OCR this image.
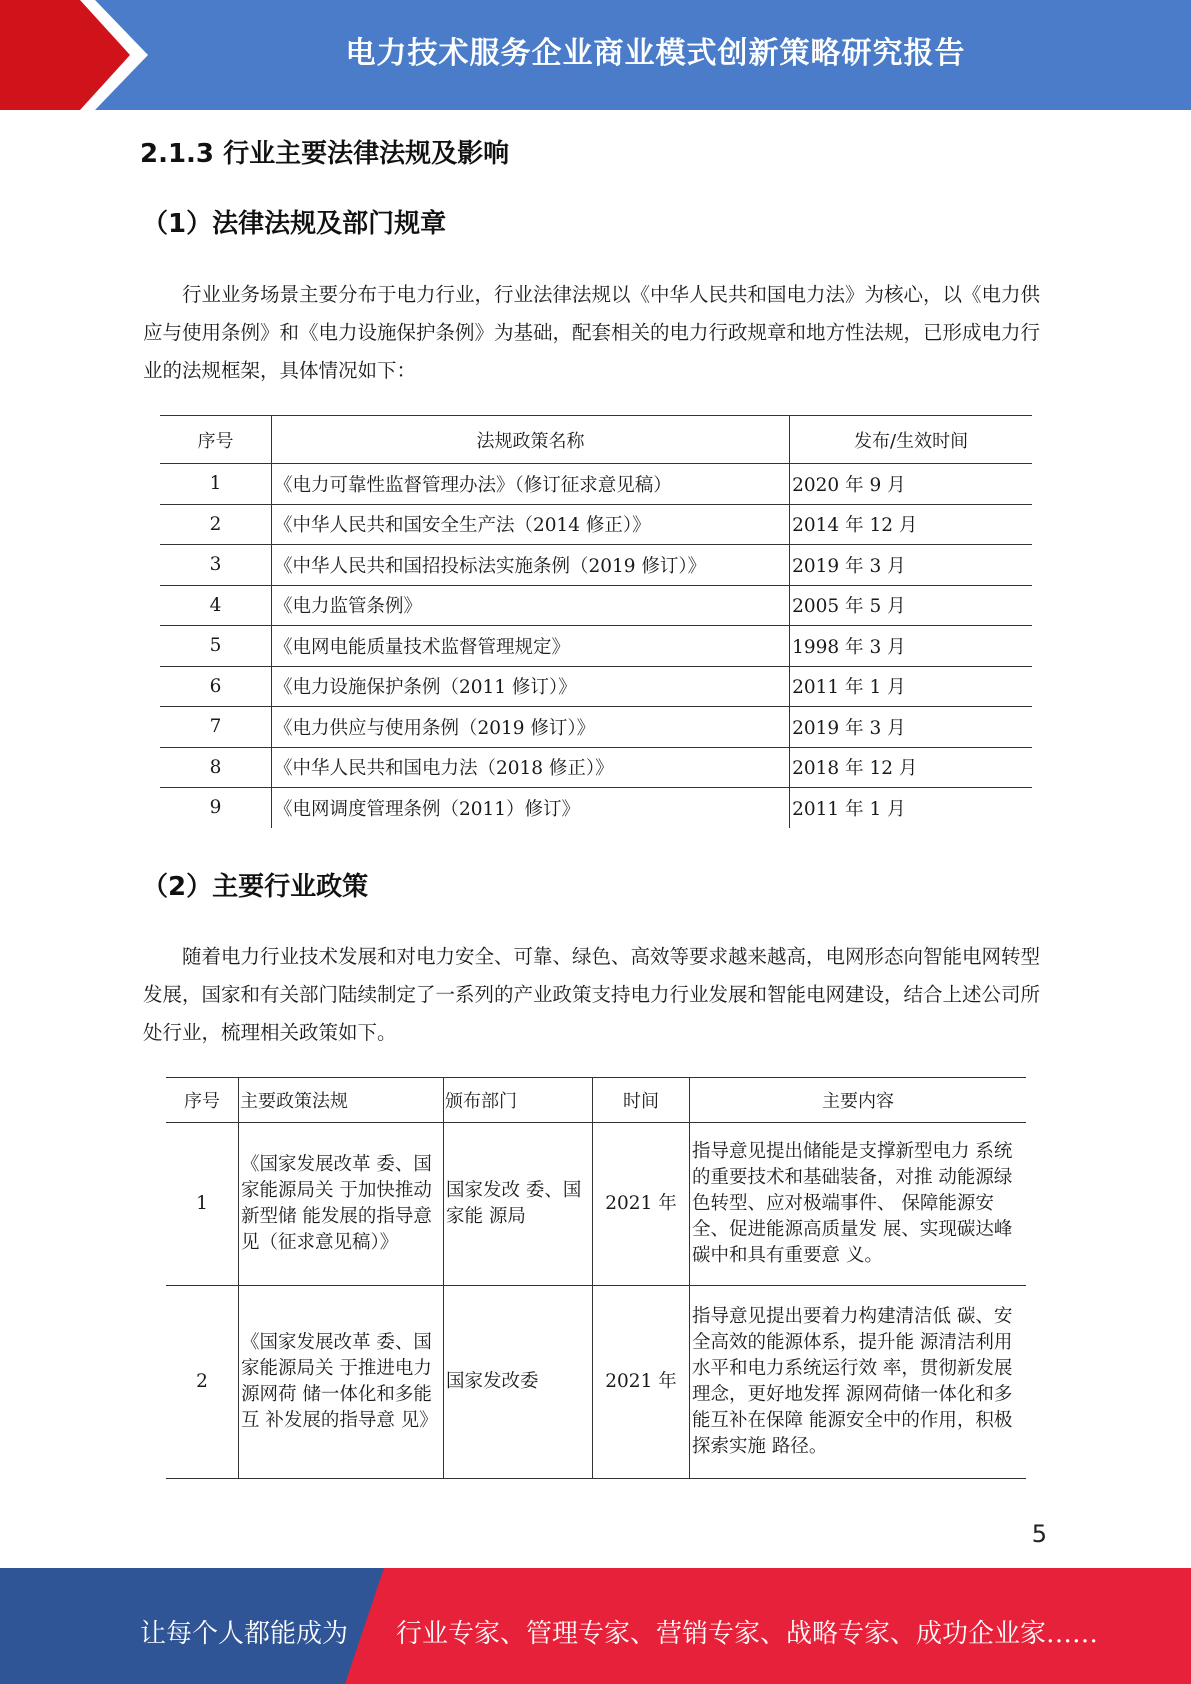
电力技术服务企业商业模式创新策略研究报告
2.1.3 行业主要法律法规及影响
（1）法律法规及部门规章

行业业务场景主要分布于电力行业，行业法律法规以《中华人民共和国电力法》为核心，以《电力供应与使用条例》和《电力设施保护条例》为基础，配套相关的电力行政规章和地方性法规，已形成电力行业的法规框架，具体情况如下：

序号	法规政策名称	发布/生效时间
1	《电力可靠性监督管理办法》（修订征求意见稿）	2020 年 9 月
2	《中华人民共和国安全生产法（2014 修正）》	2014 年 12 月
3	《中华人民共和国招投标法实施条例（2019 修订）》	2019 年 3 月
4	《电力监管条例》	2005 年 5 月
5	《电网电能质量技术监督管理规定》	1998 年 3 月
6	《电力设施保护条例（2011 修订）》	2011 年 1 月
7	《电力供应与使用条例（2019 修订）》	2019 年 3 月
8	《中华人民共和国电力法（2018 修正）》	2018 年 12 月
9	《电网调度管理条例（2011）修订》	2011 年 1 月
（2）主要行业政策

随着电力行业技术发展和对电力安全、可靠、绿色、高效等要求越来越高，电网形态向智能电网转型发展，国家和有关部门陆续制定了一系列的产业政策支持电力行业发展和智能电网建设，结合上述公司所处行业，梳理相关政策如下。

序号	主要政策法规	颁布部门	时间	主要内容
1	《国家发展改革 委、国家能源局关 于加快推动新型储 能发展的指导意见（征求意见稿）》	国家发改 委、国家能 源局	2021 年	指导意见提出储能是支撑新型电力 系统的重要技术和基础装备，对推 动能源绿色转型、应对极端事件、 保障能源安全、促进能源高质量发 展、实现碳达峰碳中和具有重要意 义。
2	《国家发展改革 委、国家能源局关 于推进电力源网荷 储一体化和多能互 补发展的指导意 见》	国家发改委	2021 年	指导意见提出要着力构建清洁低 碳、安全高效的能源体系，提升能 源清洁利用水平和电力系统运行效 率，贯彻新发展理念，更好地发挥 源网荷储一体化和多能互补在保障 能源安全中的作用，积极探索实施 路径。
5
让每个人都能成为 行业专家、管理专家、营销专家、战略专家、成功企业家……
